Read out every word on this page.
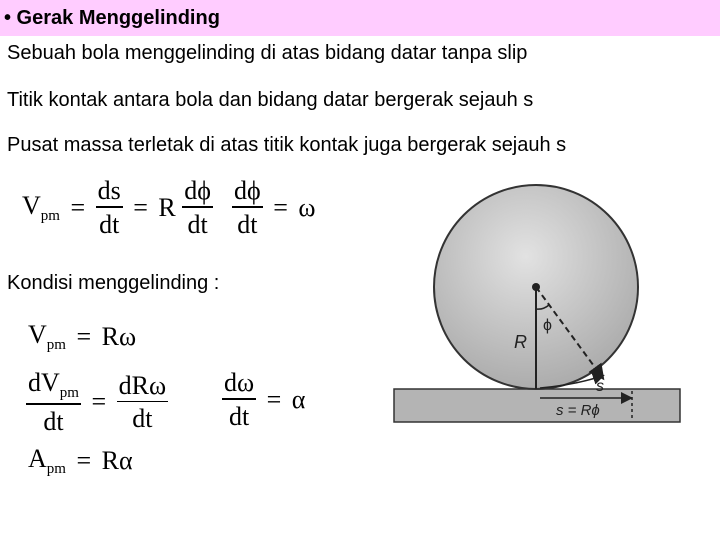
• Gerak Menggelinding
Sebuah bola menggelinding di atas bidang datar tanpa slip
Titik kontak antara bola dan bidang datar bergerak sejauh s
Pusat massa terletak di atas titik kontak juga bergerak sejauh s
$V_{pm} = \frac{ds}{dt} = R \frac{d\phi}{dt} \frac{d\phi}{dt} = \omega$
Kondisi menggelinding :
$V_{pm} = R\omega$
$\frac{dV_{pm}}{dt} = \frac{\text{dRω}}{dt} \frac{d\omega}{dt} = \alpha$
$A_{pm} = R\alpha$
R
ϕ
s
s = Rϕ
